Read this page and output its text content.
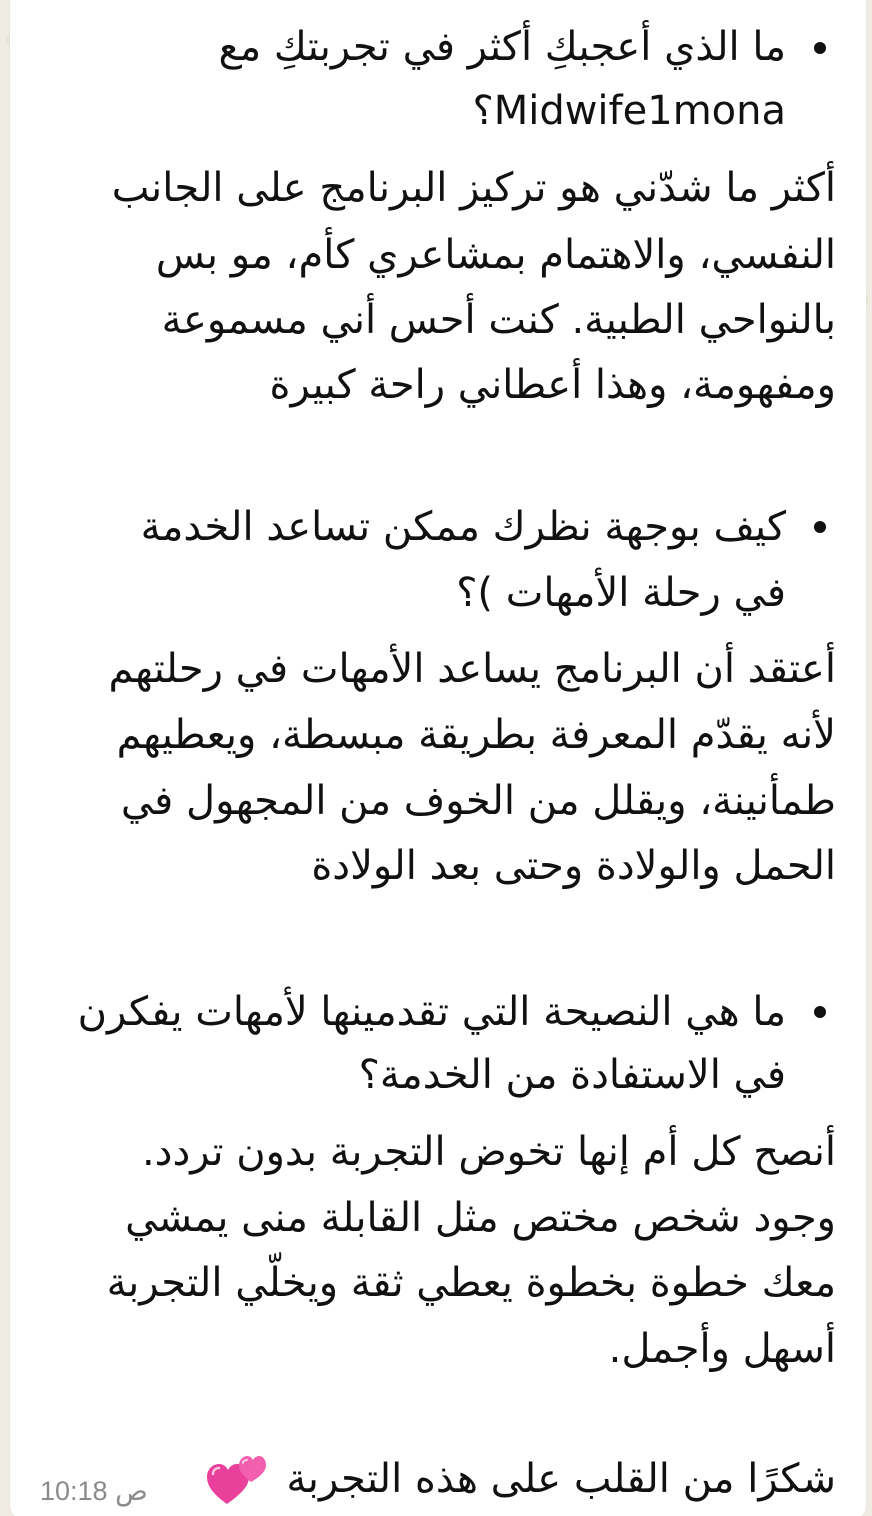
ما الذي أعجبكِ أكثر في تجربتكِ مع
Midwife1mona؟
أكثر ما شدّني هو تركيز البرنامج على الجانب
النفسي، والاهتمام بمشاعري كأم، مو بس
بالنواحي الطبية. كنت أحس أني مسموعة
ومفهومة، وهذا أعطاني راحة كبيرة
كيف بوجهة نظرك ممكن تساعد الخدمة
في رحلة الأمهات )؟
أعتقد أن البرنامج يساعد الأمهات في رحلتهم
لأنه يقدّم المعرفة بطريقة مبسطة، ويعطيهم
طمأنينة، ويقلل من الخوف من المجهول في
الحمل والولادة وحتى بعد الولادة
ما هي النصيحة التي تقدمينها لأمهات يفكرن
في الاستفادة من الخدمة؟
أنصح كل أم إنها تخوض التجربة بدون تردد.
وجود شخص مختص مثل القابلة منى يمشي
معك خطوة بخطوة يعطي ثقة ويخلّي التجربة
أسهل وأجمل.
شكرًا من القلب على هذه التجربة
10:18 ص
